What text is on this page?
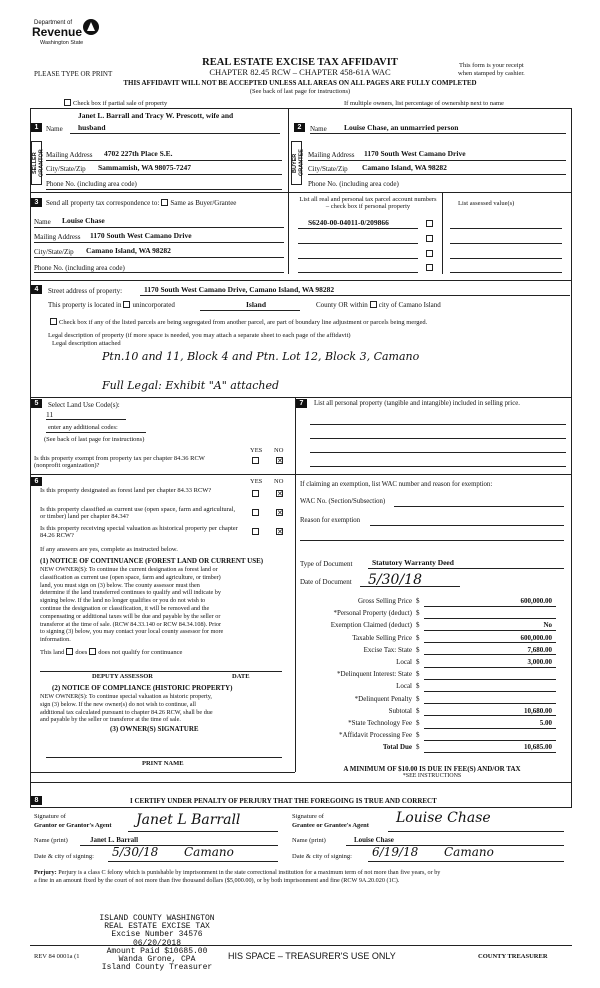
Department of
Revenue
Washington State
REAL ESTATE EXCISE TAX AFFIDAVIT
PLEASE TYPE OR PRINT	CHAPTER 82.45 RCW – CHAPTER 458-61A WAC
This form is your receipt
when stamped by cashier.
THIS AFFIDAVIT WILL NOT BE ACCEPTED UNLESS ALL AREAS ON ALL PAGES ARE FULLY COMPLETED
(See back of last page for instructions)
Check box if partial sale of property	If multiple owners, list percentage of ownership next to name
1
SELLER GRANTOR
Janet L. Barrall and Tracy W. Prescott, wife and
Name husband
Mailing Address 4702 227th Place S.E.
City/State/Zip Sammamish, WA 98075-7247
Phone No. (including area code)
2
BUYER GRANTEE
Name Louise Chase, an unmarried person
Mailing Address 1170 South West Camano Drive
City/State/Zip Camano Island, WA 98282
Phone No. (including area code)
3	Send all property tax correspondence to: Same as Buyer/Grantee
Name Louise Chase
Mailing Address 1170 South West Camano Drive
City/State/Zip Camano Island, WA 98282
Phone No. (including area code)
List all real and personal tax parcel account numbers – check box if personal property	List assessed value(s)
S6240-00-04011-0/209866
4	Street address of property:	1170 South West Camano Drive, Camano Island, WA 98282
This property is located in unincorporated	Island	County OR within city of Camano Island
Check box if any of the listed parcels are being segregated from another parcel, are part of boundary line adjustment or parcels being merged.
Legal description of property (if more space is needed, you may attach a separate sheet to each page of the affidavit)
Legal description attached
Ptn.10 and 11, Block 4 and Ptn. Lot 12, Block 3, Camano
Full Legal: Exhibit "A" attached
5	Select Land Use Code(s):
11
enter any additional codes:
(See back of last page for instructions)
YES NO
Is this property exempt from property tax per chapter 84.36 RCW (nonprofit organization)?
✕
6	YES NO
Is this property designated as forest land per chapter 84.33 RCW?	✕
Is this property classified as current use (open space, farm and agricultural, or timber) land per chapter 84.34?	✕
Is this property receiving special valuation as historical property per chapter 84.26 RCW?	✕
If any answers are yes, complete as instructed below.
(1) NOTICE OF CONTINUANCE (FOREST LAND OR CURRENT USE)
NEW OWNER(S): To continue the current designation as forest land or
classification as current use (open space, farm and agriculture, or timber)
land, you must sign on (3) below. The county assessor must then
determine if the land transferred continues to qualify and will indicate by
signing below. If the land no longer qualifies or you do not wish to
continue the designation or classification, it will be removed and the
compensating or additional taxes will be due and payable by the seller or
transferor at the time of sale. (RCW 84.33.140 or RCW 84.34.108). Prior
to signing (3) below, you may contact your local county assessor for more
information.
This land does does not qualify for continuance
DEPUTY ASSESSOR	DATE
(2) NOTICE OF COMPLIANCE (HISTORIC PROPERTY)
NEW OWNER(S): To continue special valuation as historic property,
sign (3) below. If the new owner(s) do not wish to continue, all
additional tax calculated pursuant to chapter 84.26 RCW, shall be due
and payable by the seller or transferor at the time of sale.
(3) OWNER(S) SIGNATURE
PRINT NAME
7	List all personal property (tangible and intangible) included in selling price.
If claiming an exemption, list WAC number and reason for exemption:
WAC No. (Section/Subsection)
Reason for exemption
Type of Document	Statutory Warranty Deed
Date of Document 5/30/18
Gross Selling Price $	600,000.00
*Personal Property (deduct) $
Exemption Claimed (deduct) $	No
Taxable Selling Price $	600,000.00
Excise Tax: State $	7,680.00
Local $	3,000.00
*Delinquent Interest: State $
Local $
*Delinquent Penalty $
Subtotal $	10,680.00
*State Technology Fee $	5.00
*Affidavit Processing Fee $
Total Due $	10,685.00
A MINIMUM OF $10.00 IS DUE IN FEE(S) AND/OR TAX
*SEE INSTRUCTIONS
8	I CERTIFY UNDER PENALTY OF PERJURY THAT THE FOREGOING IS TRUE AND CORRECT
Signature of
Grantor or Grantor's Agent Janet L Barrall
Name (print)	Janet L. Barrall
Date & city of signing: 5/30/18 Camano
Signature of
Grantee or Grantee's Agent Louise Chase
Name (print)	Louise Chase
Date & city of signing: 6/19/18 Camano
Perjury: Perjury is a class C felony which is punishable by imprisonment in the state correctional institution for a maximum term of not more than five years, or by
a fine in an amount fixed by the court of not more than five thousand dollars ($5,000.00), or by both imprisonment and fine (RCW 9A.20.020 (1C).
ISLAND COUNTY WASHINGTON
REAL ESTATE EXCISE TAX
Excise Number 34576
06/20/2018
Amount Paid $10685.00
Wanda Grone, CPA
Island County Treasurer
REV 84 0001a (1	HIS SPACE – TREASURER'S USE ONLY	COUNTY TREASURER
